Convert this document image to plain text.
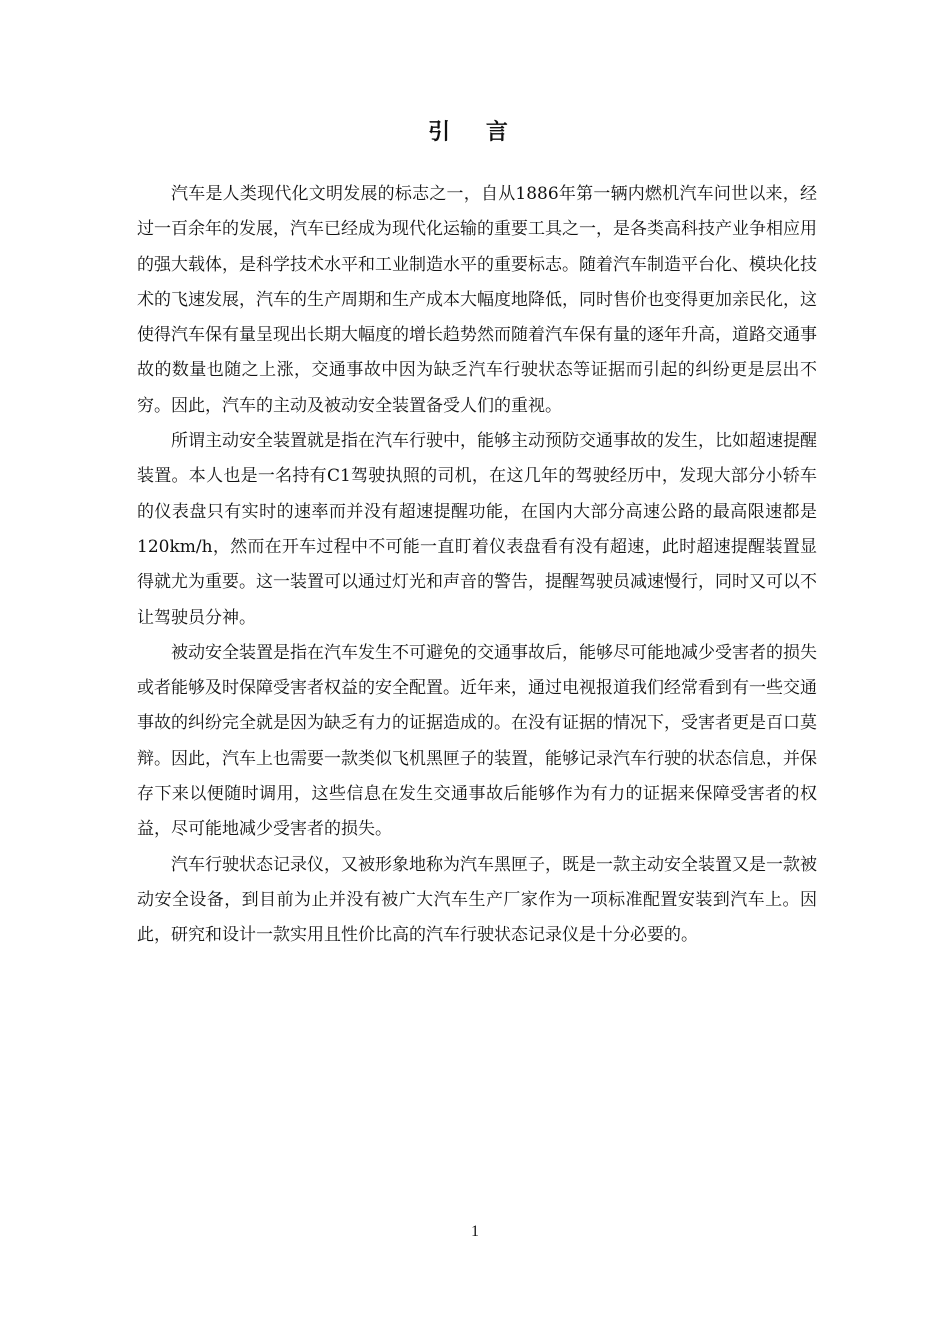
引 言

汽车是人类现代化文明发展的标志之一，自从1886年第一辆内燃机汽车问世以来，经过一百余年的发展，汽车已经成为现代化运输的重要工具之一，是各类高科技产业争相应用的强大载体，是科学技术水平和工业制造水平的重要标志。随着汽车制造平台化、模块化技术的飞速发展，汽车的生产周期和生产成本大幅度地降低，同时售价也变得更加亲民化，这使得汽车保有量呈现出长期大幅度的增长趋势然而随着汽车保有量的逐年升高，道路交通事故的数量也随之上涨，交通事故中因为缺乏汽车行驶状态等证据而引起的纠纷更是层出不穷。因此，汽车的主动及被动安全装置备受人们的重视。

所谓主动安全装置就是指在汽车行驶中，能够主动预防交通事故的发生，比如超速提醒装置。本人也是一名持有C1驾驶执照的司机，在这几年的驾驶经历中，发现大部分小轿车的仪表盘只有实时的速率而并没有超速提醒功能，在国内大部分高速公路的最高限速都是120km/h，然而在开车过程中不可能一直盯着仪表盘看有没有超速，此时超速提醒装置显得就尤为重要。这一装置可以通过灯光和声音的警告，提醒驾驶员减速慢行，同时又可以不让驾驶员分神。

被动安全装置是指在汽车发生不可避免的交通事故后，能够尽可能地减少受害者的损失或者能够及时保障受害者权益的安全配置。近年来，通过电视报道我们经常看到有一些交通事故的纠纷完全就是因为缺乏有力的证据造成的。在没有证据的情况下，受害者更是百口莫辩。因此，汽车上也需要一款类似飞机黑匣子的装置，能够记录汽车行驶的状态信息，并保存下来以便随时调用，这些信息在发生交通事故后能够作为有力的证据来保障受害者的权益，尽可能地减少受害者的损失。

汽车行驶状态记录仪，又被形象地称为汽车黑匣子，既是一款主动安全装置又是一款被动安全设备，到目前为止并没有被广大汽车生产厂家作为一项标准配置安装到汽车上。因此，研究和设计一款实用且性价比高的汽车行驶状态记录仪是十分必要的。

1
